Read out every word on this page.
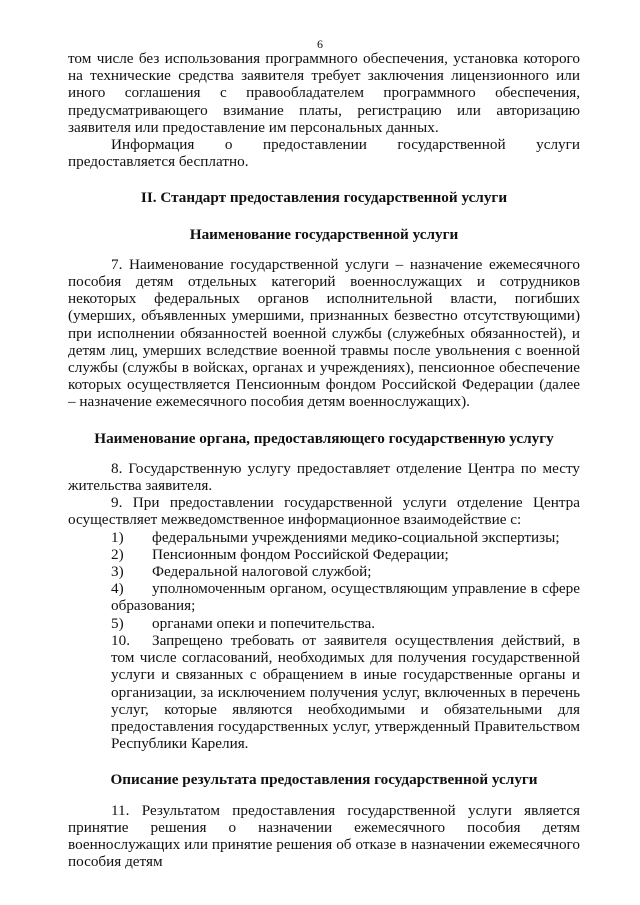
6

том числе без использования программного обеспечения, установка которого на технические средства заявителя требует заключения лицензионного или иного соглашения с правообладателем программного обеспечения, предусматривающего взимание платы, регистрацию или авторизацию заявителя или предоставление им персональных данных.

Информация о предоставлении государственной услуги предоставляется бесплатно.

II. Стандарт предоставления государственной услуги

Наименование государственной услуги

7. Наименование государственной услуги – назначение ежемесячного пособия детям отдельных категорий военнослужащих и сотрудников некоторых федеральных органов исполнительной власти, погибших (умерших, объявленных умершими, признанных безвестно отсутствующими) при исполнении обязанностей военной службы (служебных обязанностей), и детям лиц, умерших вследствие военной травмы после увольнения с военной службы (службы в войсках, органах и учреждениях), пенсионное обеспечение которых осуществляется Пенсионным фондом Российской Федерации (далее – назначение ежемесячного пособия детям военнослужащих).

Наименование органа, предоставляющего государственную услугу

8. Государственную услугу предоставляет отделение Центра по месту жительства заявителя.

9. При предоставлении государственной услуги отделение Центра осуществляет межведомственное информационное взаимодействие с:

1)	федеральными учреждениями медико-социальной экспертизы;
2)	Пенсионным фондом Российской Федерации;
3)	Федеральной налоговой службой;
4) уполномоченным органом, осуществляющим управление в сфере образования;
5)	органами опеки и попечительства.
10. Запрещено требовать от заявителя осуществления действий, в том числе согласований, необходимых для получения государственной услуги и связанных с обращением в иные государственные органы и организации, за исключением получения услуг, включенных в перечень услуг, которые являются необходимыми и обязательными для предоставления государственных услуг, утвержденный Правительством Республики Карелия.

Описание результата предоставления государственной услуги

11. Результатом предоставления государственной услуги является принятие решения о назначении ежемесячного пособия детям военнослужащих или принятие решения об отказе в назначении ежемесячного пособия детям
